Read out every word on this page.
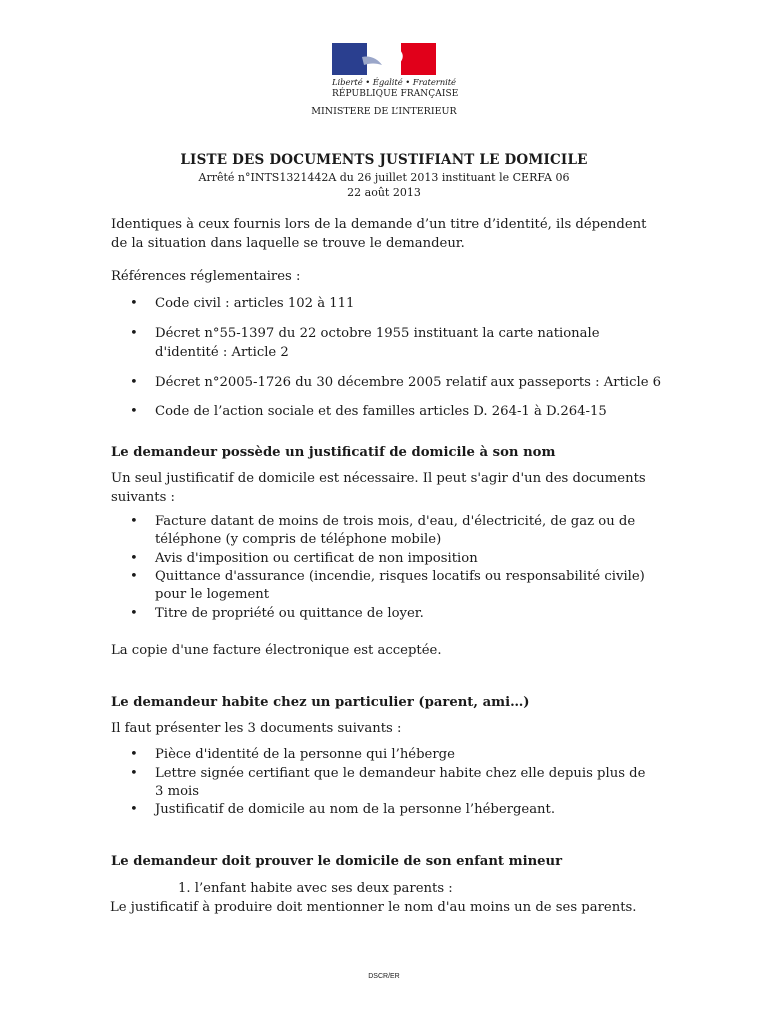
Liberté • Égalité • Fraternité
RÉPUBLIQUE FRANÇAISE
MINISTERE DE L’INTERIEUR
LISTE DES DOCUMENTS JUSTIFIANT LE DOMICILE
Arrêté n°INTS1321442A du 26 juillet 2013 instituant le CERFA 06
22 août 2013
Identiques à ceux fournis lors de la demande d’un titre d’identité, ils dépendent
de la situation dans laquelle se trouve le demandeur.
Références réglementaires :
• Code civil : articles 102 à 111
• Décret n°55-1397 du 22 octobre 1955 instituant la carte nationale
d'identité : Article 2
• Décret n°2005-1726 du 30 décembre 2005 relatif aux passeports : Article 6
• Code de l’action sociale et des familles articles D. 264-1 à D.264-15
Le demandeur possède un justificatif de domicile à son nom
Un seul justificatif de domicile est nécessaire. Il peut s'agir d'un des documents
suivants :
• Facture datant de moins de trois mois, d'eau, d'électricité, de gaz ou de
téléphone (y compris de téléphone mobile)
• Avis d'imposition ou certificat de non imposition
• Quittance d'assurance (incendie, risques locatifs ou responsabilité civile)
pour le logement
• Titre de propriété ou quittance de loyer.
La copie d'une facture électronique est acceptée.
Le demandeur habite chez un particulier (parent, ami…)
Il faut présenter les 3 documents suivants :
• Pièce d'identité de la personne qui l’héberge
• Lettre signée certifiant que le demandeur habite chez elle depuis plus de
3 mois
• Justificatif de domicile au nom de la personne l’hébergeant.
Le demandeur doit prouver le domicile de son enfant mineur
1. l’enfant habite avec ses deux parents :
Le justificatif à produire doit mentionner le nom d'au moins un de ses parents.
DSCR/ER
